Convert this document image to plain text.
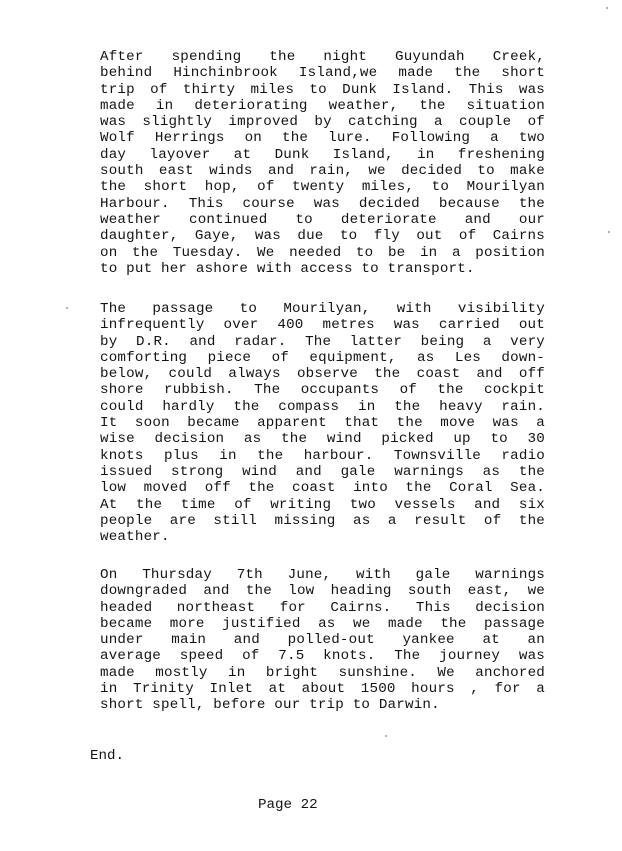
After spending the night Guyundah Creek,
behind Hinchinbrook Island,we made the short
trip of thirty miles to Dunk Island. This was
made in deteriorating weather, the situation
was slightly improved by catching a couple of
Wolf Herrings on the lure. Following a two
day layover at Dunk Island, in freshening
south east winds and rain, we decided to make
the short hop, of twenty miles, to Mourilyan
Harbour. This course was decided because the
weather continued to deteriorate and our
daughter, Gaye, was due to fly out of Cairns
on the Tuesday. We needed to be in a position
to put her ashore with access to transport.
The passage to Mourilyan, with visibility
infrequently over 400 metres was carried out
by D.R. and radar. The latter being a very
comforting piece of equipment, as Les down-
below, could always observe the coast and off
shore rubbish. The occupants of the cockpit
could hardly the compass in the heavy rain.
It soon became apparent that the move was a
wise decision as the wind picked up to 30
knots plus in the harbour. Townsville radio
issued strong wind and gale warnings as the
low moved off the coast into the Coral Sea.
At the time of writing two vessels and six
people are still missing as a result of the
weather.
On Thursday 7th June, with gale warnings
downgraded and the low heading south east, we
headed northeast for Cairns. This decision
became more justified as we made the passage
under main and polled-out yankee at an
average speed of 7.5 knots. The journey was
made mostly in bright sunshine. We anchored
in Trinity Inlet at about 1500 hours , for a
short spell, before our trip to Darwin.

End.

Page 22
